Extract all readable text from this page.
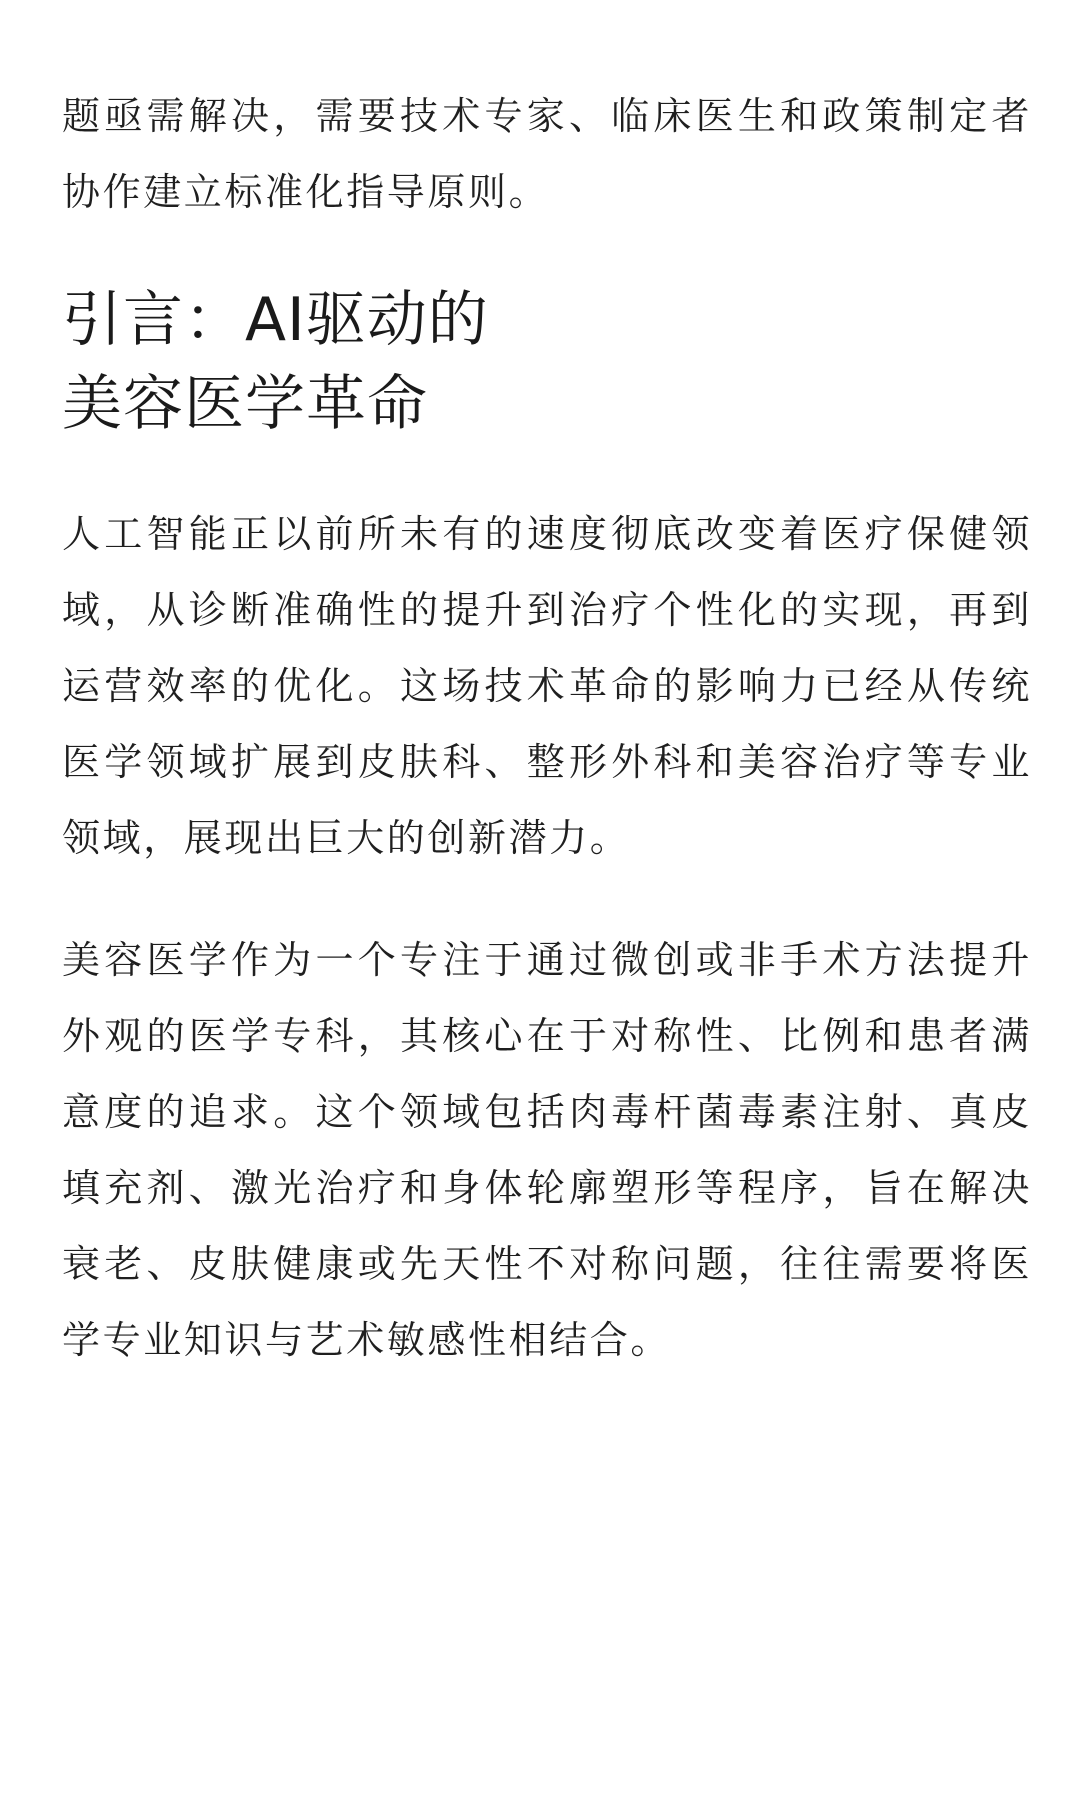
题亟需解决，需要技术专家、临床医生和政策制定者协作建立标准化指导原则。

引言：AI驱动的
美容医学革命

人工智能正以前所未有的速度彻底改变着医疗保健领域，从诊断准确性的提升到治疗个性化的实现，再到运营效率的优化。这场技术革命的影响力已经从传统医学领域扩展到皮肤科、整形外科和美容治疗等专业领域，展现出巨大的创新潜力。

美容医学作为一个专注于通过微创或非手术方法提升外观的医学专科，其核心在于对称性、比例和患者满意度的追求。这个领域包括肉毒杆菌毒素注射、真皮填充剂、激光治疗和身体轮廓塑形等程序，旨在解决衰老、皮肤健康或先天性不对称问题，往往需要将医学专业知识与艺术敏感性相结合。
